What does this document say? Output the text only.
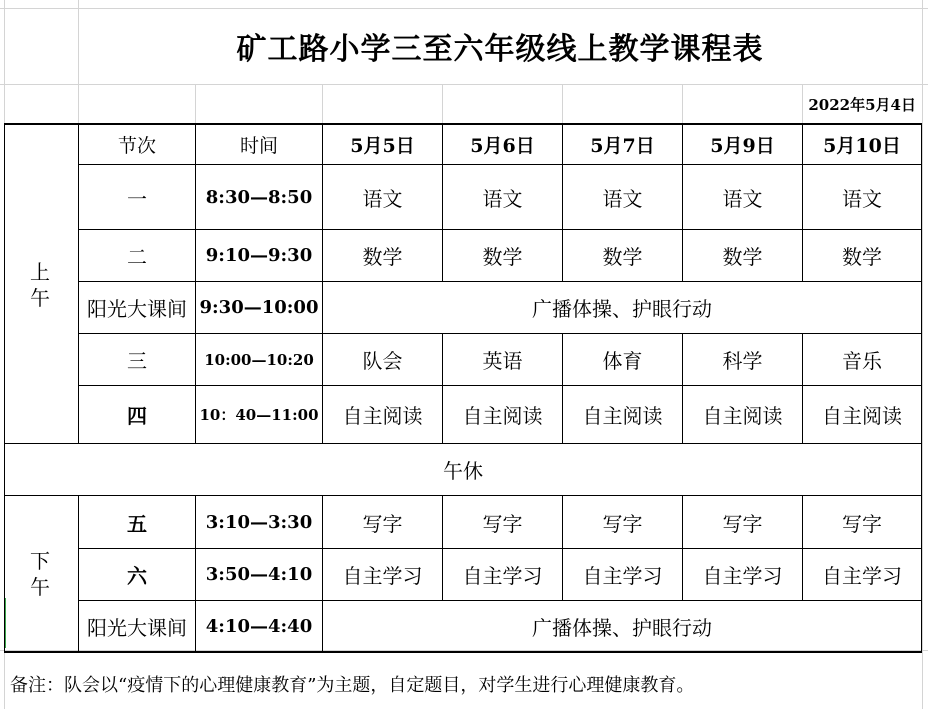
矿工路小学三至六年级线上教学课程表
2022年5月4日
节次	时间	5月5日	5月6日	5月7日	5月9日	5月10日
上午
一	8:30—8:50	语文	语文	语文	语文	语文
二	9:10—9:30	数学	数学	数学	数学	数学
阳光大课间 9:30—10:00	广播体操、护眼行动
三	10:00—10:20	队会	英语	体育	科学	音乐
四	10：40—11:00	自主阅读	自主阅读	自主阅读	自主阅读	自主阅读
午休
下午
五	3:10—3:30	写字	写字	写字	写字	写字
六	3:50—4:10	自主学习	自主学习	自主学习	自主学习	自主学习
阳光大课间	4:10—4:40	广播体操、护眼行动
备注：队会以“疫情下的心理健康教育”为主题，自定题目，对学生进行心理健康教育。
